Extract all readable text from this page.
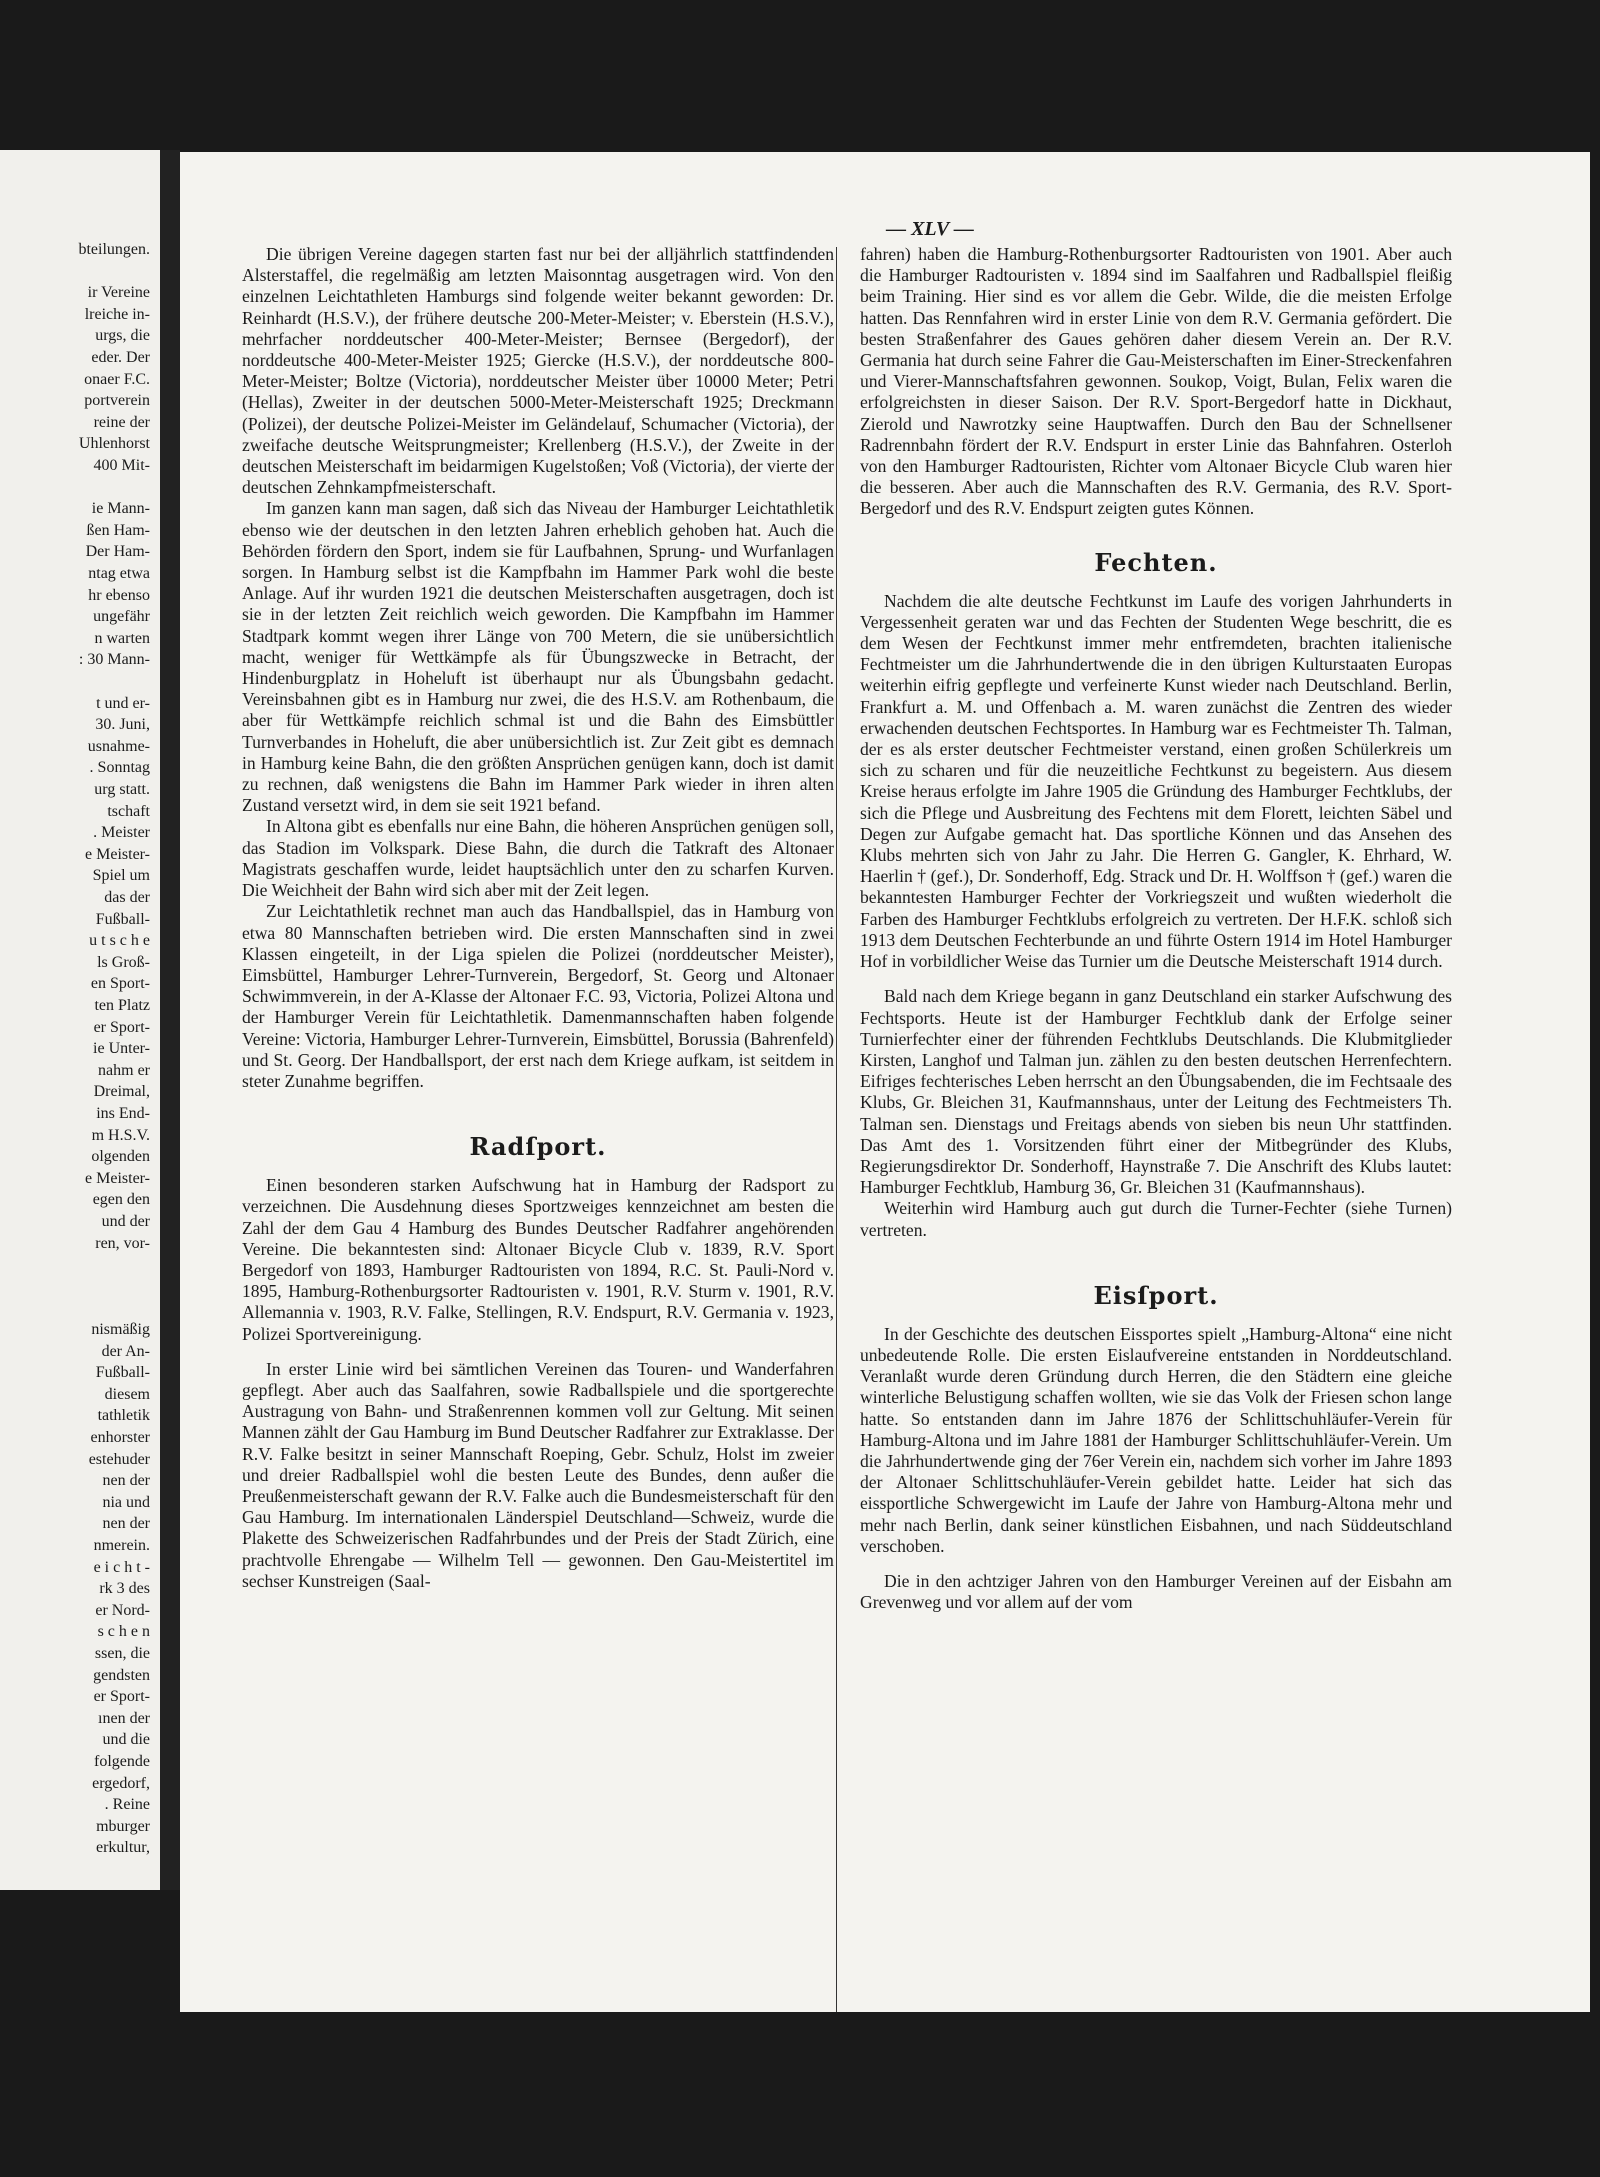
bteilungen.
ir Vereine
lreiche in-
urgs, die
eder. Der
onaer F.C.
portverein
reine der
Uhlenhorst
400 Mit-
ie Mann-
ßen Ham-
Der Ham-
ntag etwa
hr ebenso
ungefähr
n warten
: 30 Mann-
t und er-
30. Juni,
usnahme-
. Sonntag
urg statt.
tschaft
. Meister
e Meister-
Spiel um
das der
Fußball-
u t s c h e
ls Groß-
en Sport-
ten Platz
er Sport-
ie Unter-
nahm er
Dreimal,
ins End-
m H.S.V.
olgenden
e Meister-
egen den
und der
ren, vor-
nismäßig
der An-
Fußball-
diesem
tathletik
enhorster
estehuder
nen der
nia und
nen der
nmerein.
e i c h t -
rk 3 des
er Nord-
s c h e n
ssen, die
gendsten
er Sport-
ınen der
und die
folgende
ergedorf,
. Reine
mburger
erkultur,
— XLV —

Die übrigen Vereine dagegen starten fast nur bei der alljährlich stattfindenden Alsterstaffel, die regelmäßig am letzten Maisonntag ausgetragen wird. Von den einzelnen Leichtathleten Hamburgs sind folgende weiter bekannt geworden: Dr. Reinhardt (H.S.V.), der frühere deutsche 200-Meter-Meister; v. Eberstein (H.S.V.), mehrfacher norddeutscher 400-Meter-Meister; Bernsee (Bergedorf), der norddeutsche 400-Meter-Meister 1925; Giercke (H.S.V.), der norddeutsche 800-Meter-Meister; Boltze (Victoria), norddeutscher Meister über 10000 Meter; Petri (Hellas), Zweiter in der deutschen 5000-Meter-Meisterschaft 1925; Dreckmann (Polizei), der deutsche Polizei-Meister im Geländelauf, Schumacher (Victoria), der zweifache deutsche Weitsprungmeister; Krellenberg (H.S.V.), der Zweite in der deutschen Meisterschaft im beidarmigen Kugelstoßen; Voß (Victoria), der vierte der deutschen Zehnkampfmeisterschaft.

Im ganzen kann man sagen, daß sich das Niveau der Hamburger Leichtathletik ebenso wie der deutschen in den letzten Jahren erheblich gehoben hat. Auch die Behörden fördern den Sport, indem sie für Laufbahnen, Sprung- und Wurfanlagen sorgen. In Hamburg selbst ist die Kampfbahn im Hammer Park wohl die beste Anlage. Auf ihr wurden 1921 die deutschen Meisterschaften ausgetragen, doch ist sie in der letzten Zeit reichlich weich geworden. Die Kampfbahn im Hammer Stadtpark kommt wegen ihrer Länge von 700 Metern, die sie unübersichtlich macht, weniger für Wettkämpfe als für Übungszwecke in Betracht, der Hindenburgplatz in Hoheluft ist überhaupt nur als Übungsbahn gedacht. Vereinsbahnen gibt es in Hamburg nur zwei, die des H.S.V. am Rothenbaum, die aber für Wettkämpfe reichlich schmal ist und die Bahn des Eimsbüttler Turnverbandes in Hoheluft, die aber unübersichtlich ist. Zur Zeit gibt es demnach in Hamburg keine Bahn, die den größten Ansprüchen genügen kann, doch ist damit zu rechnen, daß wenigstens die Bahn im Hammer Park wieder in ihren alten Zustand versetzt wird, in dem sie seit 1921 befand.

In Altona gibt es ebenfalls nur eine Bahn, die höheren Ansprüchen genügen soll, das Stadion im Volkspark. Diese Bahn, die durch die Tatkraft des Altonaer Magistrats geschaffen wurde, leidet hauptsächlich unter den zu scharfen Kurven. Die Weichheit der Bahn wird sich aber mit der Zeit legen.

Zur Leichtathletik rechnet man auch das Handballspiel, das in Hamburg von etwa 80 Mannschaften betrieben wird. Die ersten Mannschaften sind in zwei Klassen eingeteilt, in der Liga spielen die Polizei (norddeutscher Meister), Eimsbüttel, Hamburger Lehrer-Turnverein, Bergedorf, St. Georg und Altonaer Schwimmverein, in der A-Klasse der Altonaer F.C. 93, Victoria, Polizei Altona und der Hamburger Verein für Leichtathletik. Damenmannschaften haben folgende Vereine: Victoria, Hamburger Lehrer-Turnverein, Eimsbüttel, Borussia (Bahrenfeld) und St. Georg. Der Handballsport, der erst nach dem Kriege aufkam, ist seitdem in steter Zunahme begriffen.

Radſport.

Einen besonderen starken Aufschwung hat in Hamburg der Radsport zu verzeichnen. Die Ausdehnung dieses Sportzweiges kennzeichnet am besten die Zahl der dem Gau 4 Hamburg des Bundes Deutscher Radfahrer angehörenden Vereine. Die bekanntesten sind: Altonaer Bicycle Club v. 1839, R.V. Sport Bergedorf von 1893, Hamburger Radtouristen von 1894, R.C. St. Pauli-Nord v. 1895, Hamburg-Rothenburgsorter Radtouristen v. 1901, R.V. Sturm v. 1901, R.V. Allemannia v. 1903, R.V. Falke, Stellingen, R.V. Endspurt, R.V. Germania v. 1923, Polizei Sportvereinigung.

In erster Linie wird bei sämtlichen Vereinen das Touren- und Wanderfahren gepflegt. Aber auch das Saalfahren, sowie Radballspiele und die sportgerechte Austragung von Bahn- und Straßenrennen kommen voll zur Geltung. Mit seinen Mannen zählt der Gau Hamburg im Bund Deutscher Radfahrer zur Extraklasse. Der R.V. Falke besitzt in seiner Mannschaft Roeping, Gebr. Schulz, Holst im zweier und dreier Radballspiel wohl die besten Leute des Bundes, denn außer die Preußenmeisterschaft gewann der R.V. Falke auch die Bundesmeisterschaft für den Gau Hamburg. Im internationalen Länderspiel Deutschland—Schweiz, wurde die Plakette des Schweizerischen Radfahrbundes und der Preis der Stadt Zürich, eine prachtvolle Ehrengabe — Wilhelm Tell — gewonnen. Den Gau-Meistertitel im sechser Kunstreigen (Saal-

fahren) haben die Hamburg-Rothenburgsorter Radtouristen von 1901. Aber auch die Hamburger Radtouristen v. 1894 sind im Saalfahren und Radballspiel fleißig beim Training. Hier sind es vor allem die Gebr. Wilde, die die meisten Erfolge hatten. Das Rennfahren wird in erster Linie von dem R.V. Germania gefördert. Die besten Straßenfahrer des Gaues gehören daher diesem Verein an. Der R.V. Germania hat durch seine Fahrer die Gau-Meisterschaften im Einer-Streckenfahren und Vierer-Mannschaftsfahren gewonnen. Soukop, Voigt, Bulan, Felix waren die erfolgreichsten in dieser Saison. Der R.V. Sport-Bergedorf hatte in Dickhaut, Zierold und Nawrotzky seine Hauptwaffen. Durch den Bau der Schnellsener Radrennbahn fördert der R.V. Endspurt in erster Linie das Bahnfahren. Osterloh von den Hamburger Radtouristen, Richter vom Altonaer Bicycle Club waren hier die besseren. Aber auch die Mannschaften des R.V. Germania, des R.V. Sport-Bergedorf und des R.V. Endspurt zeigten gutes Können.

Fechten.

Nachdem die alte deutsche Fechtkunst im Laufe des vorigen Jahrhunderts in Vergessenheit geraten war und das Fechten der Studenten Wege beschritt, die es dem Wesen der Fechtkunst immer mehr entfremdeten, brachten italienische Fechtmeister um die Jahrhundertwende die in den übrigen Kulturstaaten Europas weiterhin eifrig gepflegte und verfeinerte Kunst wieder nach Deutschland. Berlin, Frankfurt a. M. und Offenbach a. M. waren zunächst die Zentren des wieder erwachenden deutschen Fechtsportes. In Hamburg war es Fechtmeister Th. Talman, der es als erster deutscher Fechtmeister verstand, einen großen Schülerkreis um sich zu scharen und für die neuzeitliche Fechtkunst zu begeistern. Aus diesem Kreise heraus erfolgte im Jahre 1905 die Gründung des Hamburger Fechtklubs, der sich die Pflege und Ausbreitung des Fechtens mit dem Florett, leichten Säbel und Degen zur Aufgabe gemacht hat. Das sportliche Können und das Ansehen des Klubs mehrten sich von Jahr zu Jahr. Die Herren G. Gangler, K. Ehrhard, W. Haerlin † (gef.), Dr. Sonderhoff, Edg. Strack und Dr. H. Wolffson † (gef.) waren die bekanntesten Hamburger Fechter der Vorkriegszeit und wußten wiederholt die Farben des Hamburger Fechtklubs erfolgreich zu vertreten. Der H.F.K. schloß sich 1913 dem Deutschen Fechterbunde an und führte Ostern 1914 im Hotel Hamburger Hof in vorbildlicher Weise das Turnier um die Deutsche Meisterschaft 1914 durch.

Bald nach dem Kriege begann in ganz Deutschland ein starker Aufschwung des Fechtsports. Heute ist der Hamburger Fechtklub dank der Erfolge seiner Turnierfechter einer der führenden Fechtklubs Deutschlands. Die Klubmitglieder Kirsten, Langhof und Talman jun. zählen zu den besten deutschen Herrenfechtern. Eifriges fechterisches Leben herrscht an den Übungsabenden, die im Fechtsaale des Klubs, Gr. Bleichen 31, Kaufmannshaus, unter der Leitung des Fechtmeisters Th. Talman sen. Dienstags und Freitags abends von sieben bis neun Uhr stattfinden. Das Amt des 1. Vorsitzenden führt einer der Mitbegründer des Klubs, Regierungsdirektor Dr. Sonderhoff, Haynstraße 7. Die Anschrift des Klubs lautet: Hamburger Fechtklub, Hamburg 36, Gr. Bleichen 31 (Kaufmannshaus).

Weiterhin wird Hamburg auch gut durch die Turner-Fechter (siehe Turnen) vertreten.

Eisſport.

In der Geschichte des deutschen Eissportes spielt „Hamburg-Altona“ eine nicht unbedeutende Rolle. Die ersten Eislaufvereine entstanden in Norddeutschland. Veranlaßt wurde deren Gründung durch Herren, die den Städtern eine gleiche winterliche Belustigung schaffen wollten, wie sie das Volk der Friesen schon lange hatte. So entstanden dann im Jahre 1876 der Schlittschuhläufer-Verein für Hamburg-Altona und im Jahre 1881 der Hamburger Schlittschuhläufer-Verein. Um die Jahrhundertwende ging der 76er Verein ein, nachdem sich vorher im Jahre 1893 der Altonaer Schlittschuhläufer-Verein gebildet hatte. Leider hat sich das eissportliche Schwergewicht im Laufe der Jahre von Hamburg-Altona mehr und mehr nach Berlin, dank seiner künstlichen Eisbahnen, und nach Süddeutschland verschoben.

Die in den achtziger Jahren von den Hamburger Vereinen auf der Eisbahn am Grevenweg und vor allem auf der vom
